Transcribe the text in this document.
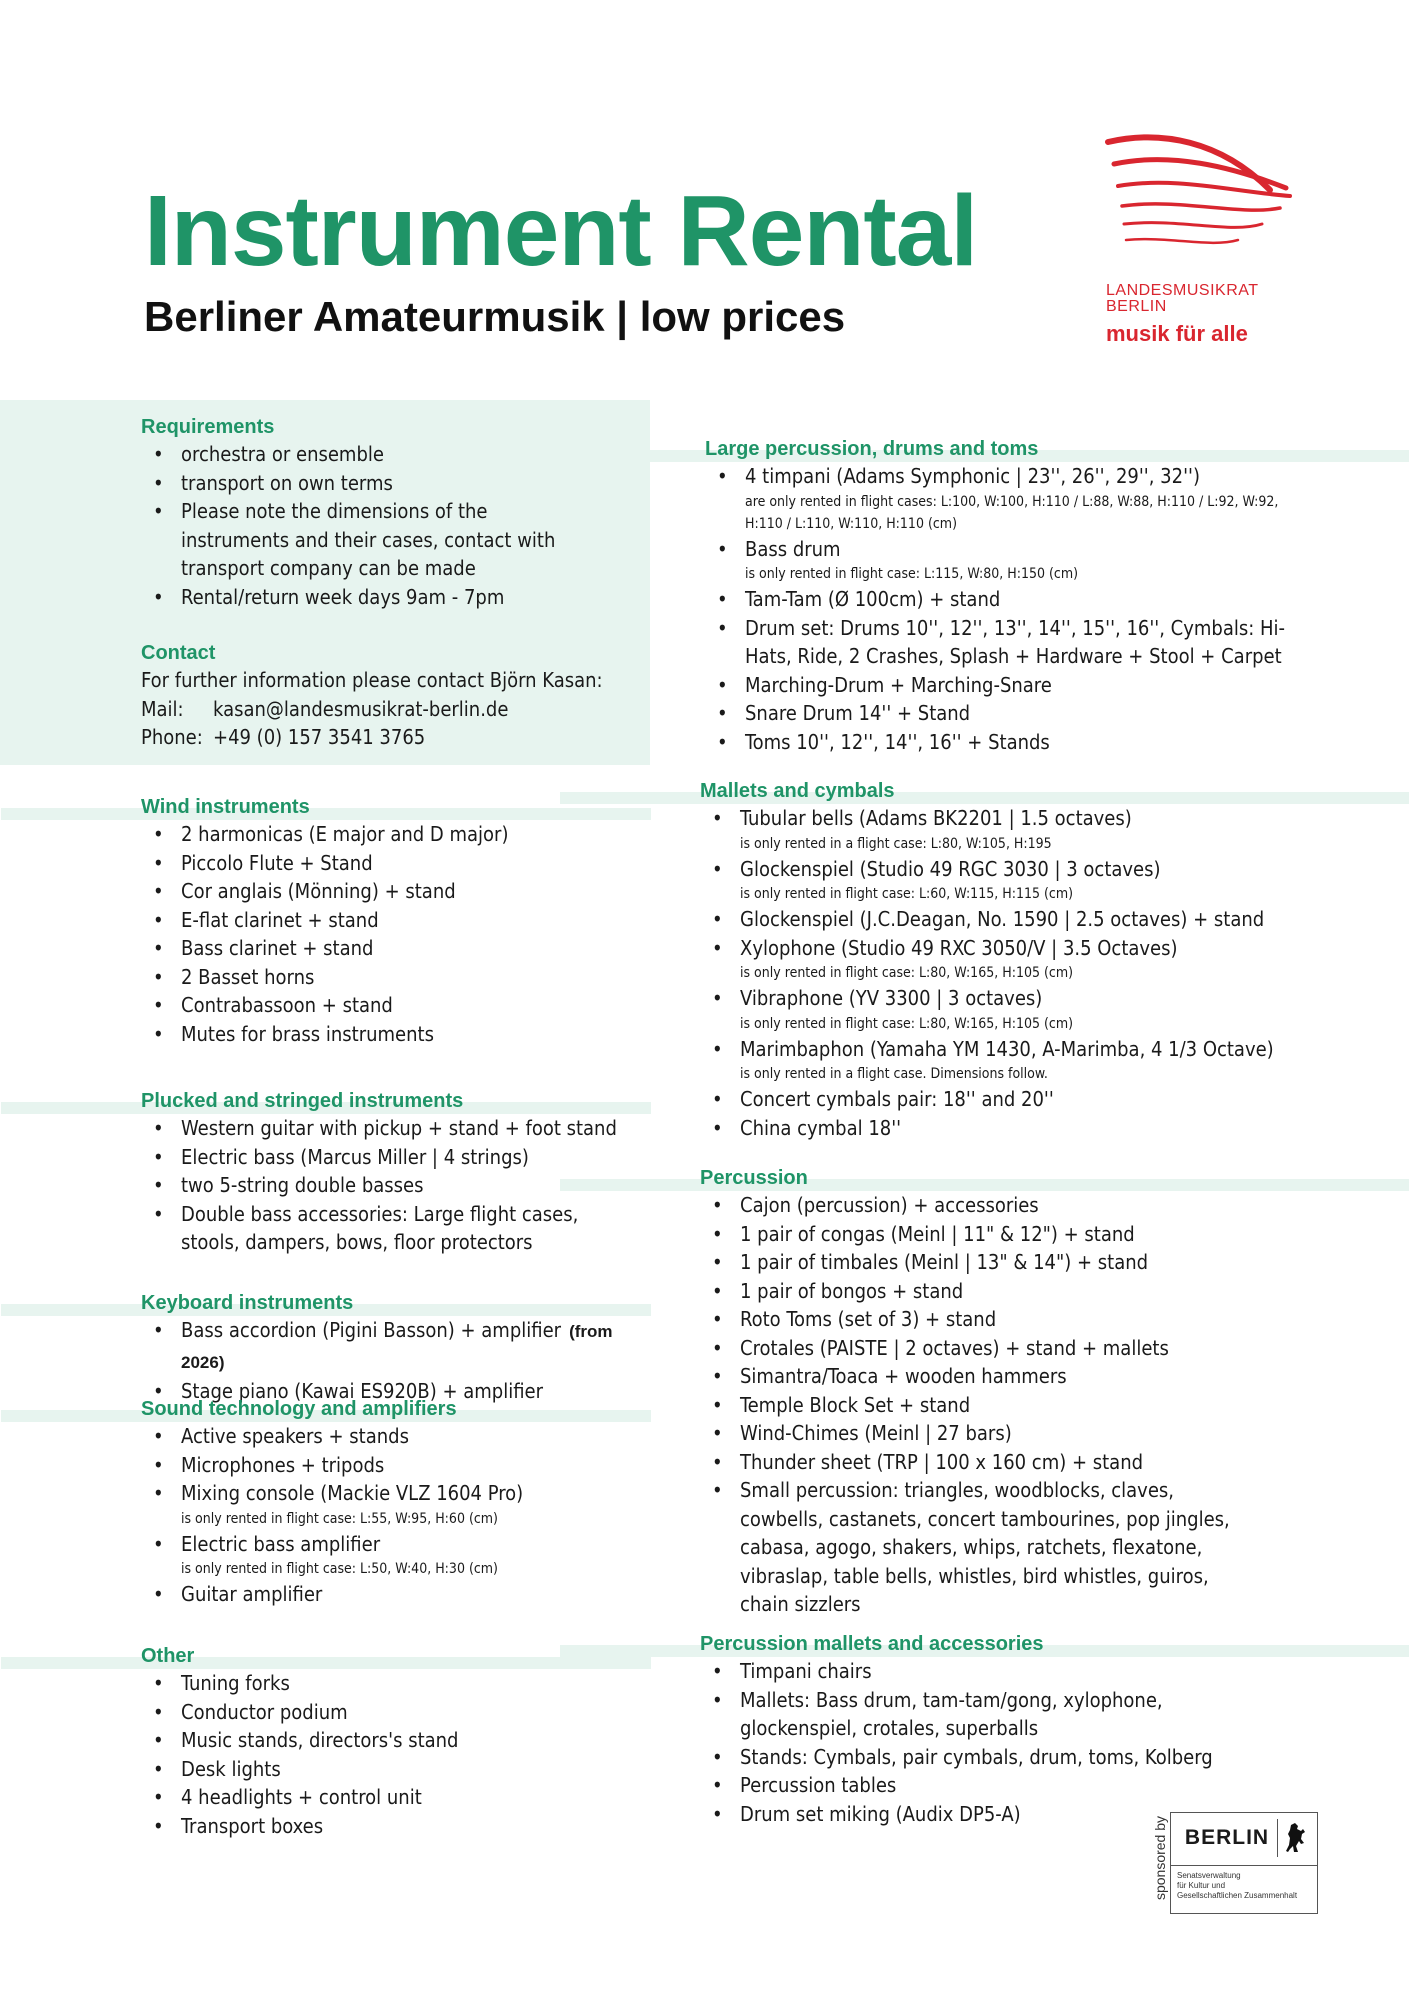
Instrument Rental
Berliner Amateurmusik | low prices
LANDESMUSIKRAT
BERLIN
musik für alle
Requirements
• orchestra or ensemble
• transport on own terms
• Please note the dimensions of the instruments and their cases, contact with transport company can be made
• Rental/return week days 9am - 7pm
Contact

For further information please contact Björn Kasan:

Mail: kasan@landesmusikrat-berlin.de

Phone: +49 (0) 157 3541 3765

Wind instruments
• 2 harmonicas (E major and D major)
• Piccolo Flute + Stand
• Cor anglais (Mönning) + stand
• E-flat clarinet + stand
• Bass clarinet + stand
• 2 Basset horns
• Contrabassoon + stand
• Mutes for brass instruments
Plucked and stringed instruments
• Western guitar with pickup + stand + foot stand
• Electric bass (Marcus Miller | 4 strings)
• two 5-string double basses
• Double bass accessories: Large flight cases, stools, dampers, bows, floor protectors
Keyboard instruments
• Bass accordion (Pigini Basson) + amplifier (from 2026)
• Stage piano (Kawai ES920B) + amplifier
Sound technology and amplifiers
• Active speakers + stands
• Microphones + tripods
• Mixing console (Mackie VLZ 1604 Pro)
is only rented in flight case: L:55, W:95, H:60 (cm)
• Electric bass amplifier
is only rented in flight case: L:50, W:40, H:30 (cm)
• Guitar amplifier
Other
• Tuning forks
• Conductor podium
• Music stands, directors's stand
• Desk lights
• 4 headlights + control unit
• Transport boxes
Large percussion, drums and toms
• 4 timpani (Adams Symphonic | 23'', 26'', 29'', 32'')
are only rented in flight cases: L:100, W:100, H:110 / L:88, W:88, H:110 / L:92, W:92, H:110 / L:110, W:110, H:110 (cm)
• Bass drum
is only rented in flight case: L:115, W:80, H:150 (cm)
• Tam-Tam (Ø 100cm) + stand
• Drum set: Drums 10'', 12'', 13'', 14'', 15'', 16'', Cymbals: Hi-Hats, Ride, 2 Crashes, Splash + Hardware + Stool + Carpet
• Marching-Drum + Marching-Snare
• Snare Drum 14'' + Stand
• Toms 10'', 12'', 14'', 16'' + Stands
Mallets and cymbals
• Tubular bells (Adams BK2201 | 1.5 octaves)
is only rented in a flight case: L:80, W:105, H:195
• Glockenspiel (Studio 49 RGC 3030 | 3 octaves)
is only rented in flight case: L:60, W:115, H:115 (cm)
• Glockenspiel (J.C.Deagan, No. 1590 | 2.5 octaves) + stand
• Xylophone (Studio 49 RXC 3050/V | 3.5 Octaves)
is only rented in flight case: L:80, W:165, H:105 (cm)
• Vibraphone (YV 3300 | 3 octaves)
is only rented in flight case: L:80, W:165, H:105 (cm)
• Marimbaphon (Yamaha YM 1430, A-Marimba, 4 1/3 Octave)
is only rented in a flight case. Dimensions follow.
• Concert cymbals pair: 18'' and 20''
• China cymbal 18''
Percussion
• Cajon (percussion) + accessories
• 1 pair of congas (Meinl | 11" & 12") + stand
• 1 pair of timbales (Meinl | 13" & 14") + stand
• 1 pair of bongos + stand
• Roto Toms (set of 3) + stand
• Crotales (PAISTE | 2 octaves) + stand + mallets
• Simantra/Toaca + wooden hammers
• Temple Block Set + stand
• Wind-Chimes (Meinl | 27 bars)
• Thunder sheet (TRP | 100 x 160 cm) + stand
• Small percussion: triangles, woodblocks, claves, cowbells, castanets, concert tambourines, pop jingles, cabasa, agogo, shakers, whips, ratchets, flexatone, vibraslap, table bells, whistles, bird whistles, guiros, chain sizzlers
Percussion mallets and accessories
• Timpani chairs
• Mallets: Bass drum, tam-tam/gong, xylophone, glockenspiel, crotales, superballs
• Stands: Cymbals, pair cymbals, drum, toms, Kolberg
• Percussion tables
• Drum set miking (Audix DP5-A)
sponsored by BERLIN
Senatsverwaltung
für Kultur und
Gesellschaftlichen Zusammenhalt
